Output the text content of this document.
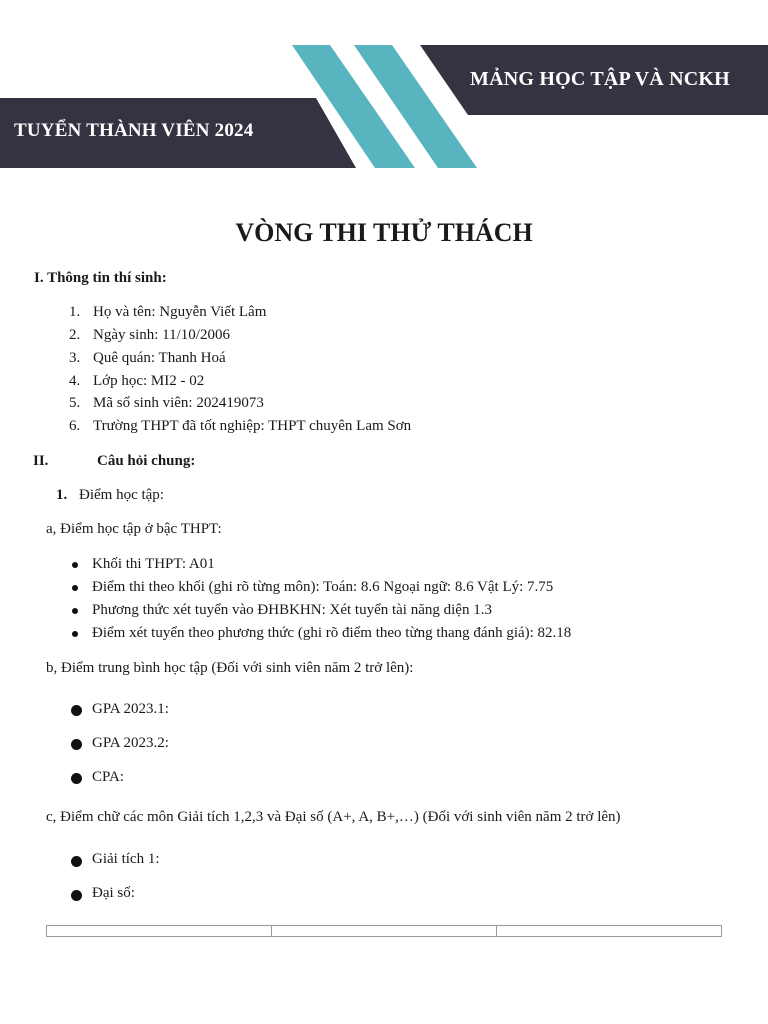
TUYỂN THÀNH VIÊN 2024
MẢNG HỌC TẬP VÀ NCKH
VÒNG THI THỬ THÁCH
I. Thông tin thí sinh:
1. Họ và tên: Nguyễn Viết Lâm
2. Ngày sinh: 11/10/2006
3. Quê quán: Thanh Hoá
4. Lớp học: MI2 - 02
5. Mã số sinh viên: 202419073
6. Trường THPT đã tốt nghiệp: THPT chuyên Lam Sơn
II.	Câu hỏi chung:
1. Điểm học tập:
a, Điểm học tập ở bậc THPT:
Khối thi THPT: A01
Điểm thi theo khối (ghi rõ từng môn): Toán: 8.6 Ngoại ngữ: 8.6 Vật Lý: 7.75
Phương thức xét tuyển vào ĐHBKHN: Xét tuyển tài năng diện 1.3
Điểm xét tuyển theo phương thức (ghi rõ điểm theo từng thang đánh giá): 82.18
b, Điểm trung bình học tập (Đối với sinh viên năm 2 trở lên):
GPA 2023.1:
GPA 2023.2:
CPA:
c, Điểm chữ các môn Giải tích 1,2,3 và Đại số (A+, A, B+,…) (Đối với sinh viên năm 2 trở lên)
Giải tích 1:
Đại số:
